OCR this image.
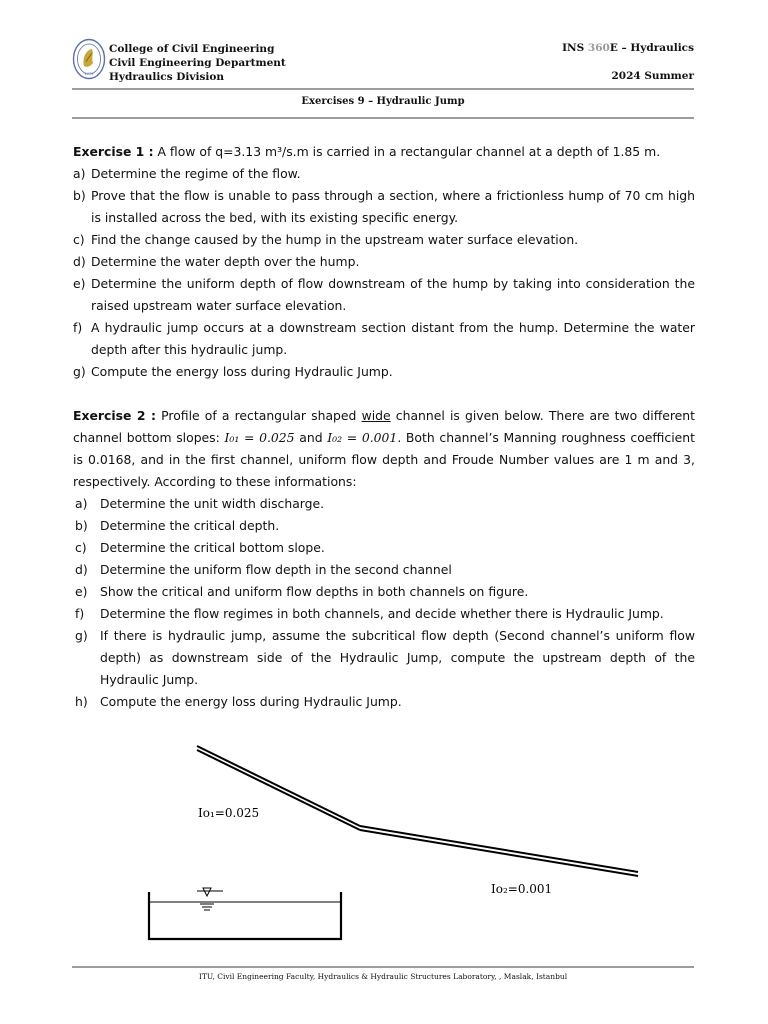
1773
College of Civil Engineering
Civil Engineering Department
Hydraulics Division
INS 360E – Hydraulics
2024 Summer
Exercises 9 – Hydraulic Jump

Exercise 1 : A flow of q=3.13 m³/s.m is carried in a rectangular channel at a depth of 1.85 m.

a) Determine the regime of the flow.
b) Prove that the flow is unable to pass through a section, where a frictionless hump of 70 cm high is installed across the bed, with its existing specific energy.
c) Find the change caused by the hump in the upstream water surface elevation.
d) Determine the water depth over the hump.
e) Determine the uniform depth of flow downstream of the hump by taking into consideration the raised upstream water surface elevation.
f) A hydraulic jump occurs at a downstream section distant from the hump. Determine the water depth after this hydraulic jump.
g) Compute the energy loss during Hydraulic Jump.

Exercise 2 : Profile of a rectangular shaped wide channel is given below. There are two different channel bottom slopes: I₀₁ = 0.025 and I₀₂ = 0.001. Both channel’s Manning roughness coefficient is 0.0168, and in the first channel, uniform flow depth and Froude Number values are 1 m and 3, respectively. According to these informations:

a) Determine the unit width discharge.
b) Determine the critical depth.
c) Determine the critical bottom slope.
d) Determine the uniform flow depth in the second channel
e) Show the critical and uniform flow depths in both channels on figure.
f) Determine the flow regimes in both channels, and decide whether there is Hydraulic Jump.
g) If there is hydraulic jump, assume the subcritical flow depth (Second channel’s uniform flow depth) as downstream side of the Hydraulic Jump, compute the upstream depth of the Hydraulic Jump.
h) Compute the energy loss during Hydraulic Jump.
Io₁=0.025
Io₂=0.001
ITU, Civil Engineering Faculty, Hydraulics & Hydraulic Structures Laboratory, , Maslak, Istanbul
